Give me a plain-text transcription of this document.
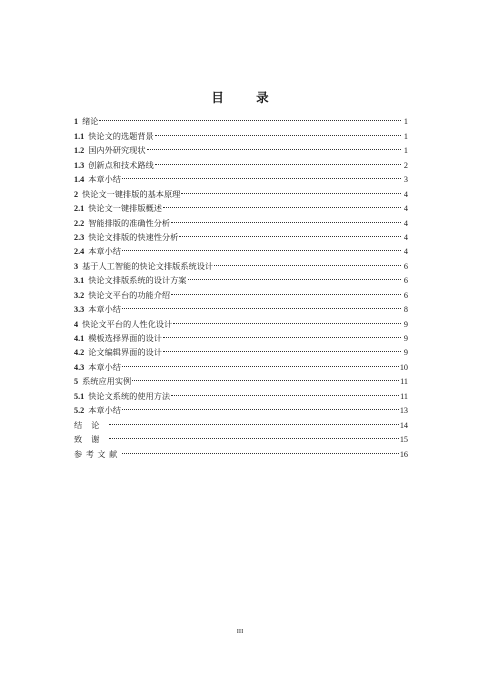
目 录
1 绪论	1
1.1 快论文的选题背景	1
1.2 国内外研究现状	1
1.3 创新点和技术路线	2
1.4 本章小结	3
2 快论文一键排版的基本原理	4
2.1 快论文一键排版概述	4
2.2 智能排版的准确性分析	4
2.3 快论文排版的快速性分析	4
2.4 本章小结	4
3 基于人工智能的快论文排版系统设计	6
3.1 快论文排版系统的设计方案	6
3.2 快论文平台的功能介绍	6
3.3 本章小结	8
4 快论文平台的人性化设计	9
4.1 模板选择界面的设计	9
4.2 论文编辑界面的设计	9
4.3 本章小结	10
5 系统应用实例	11
5.1 快论文系统的使用方法	11
5.2 本章小结	13
结论	14
致谢	15
参考文献	16
III
